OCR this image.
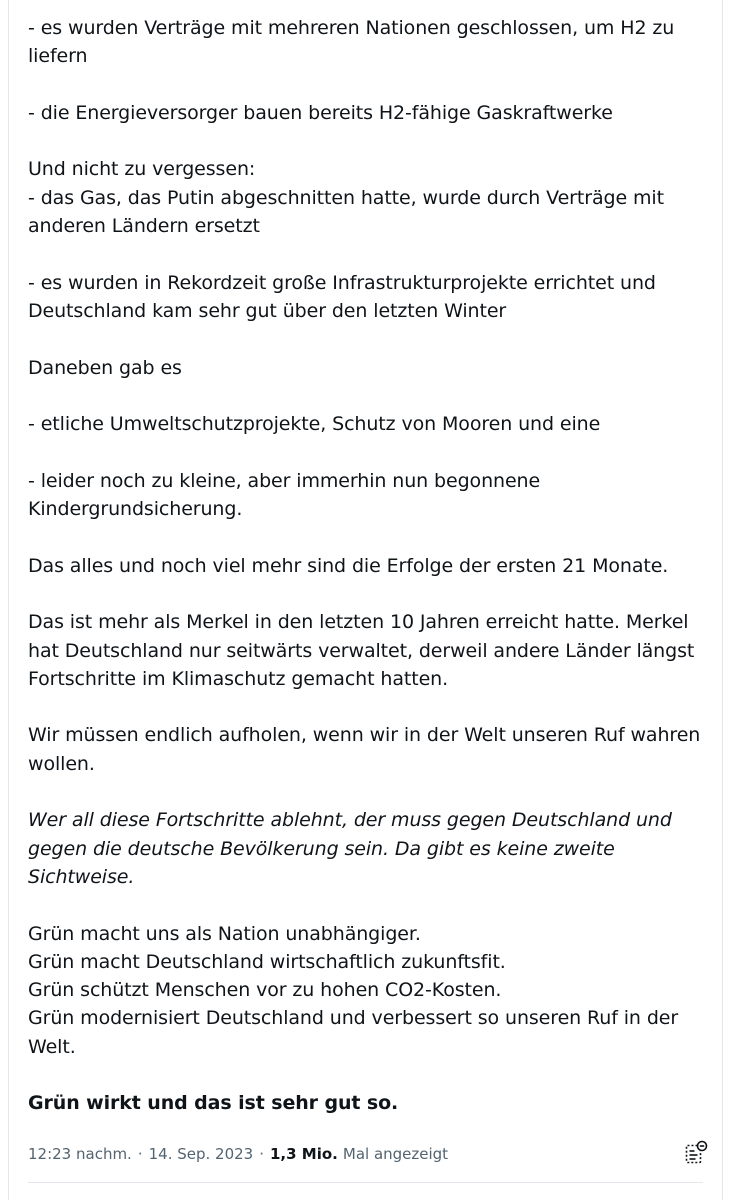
- es wurden Verträge mit mehreren Nationen geschlossen, um H2 zu
liefern

- die Energieversorger bauen bereits H2-fähige Gaskraftwerke

Und nicht zu vergessen:
- das Gas, das Putin abgeschnitten hatte, wurde durch Verträge mit
anderen Ländern ersetzt

- es wurden in Rekordzeit große Infrastrukturprojekte errichtet und
Deutschland kam sehr gut über den letzten Winter

Daneben gab es

- etliche Umweltschutzprojekte, Schutz von Mooren und eine

- leider noch zu kleine, aber immerhin nun begonnene
Kindergrundsicherung.

Das alles und noch viel mehr sind die Erfolge der ersten 21 Monate.

Das ist mehr als Merkel in den letzten 10 Jahren erreicht hatte. Merkel
hat Deutschland nur seitwärts verwaltet, derweil andere Länder längst
Fortschritte im Klimaschutz gemacht hatten.

Wir müssen endlich aufholen, wenn wir in der Welt unseren Ruf wahren
wollen.

Wer all diese Fortschritte ablehnt, der muss gegen Deutschland und
gegen die deutsche Bevölkerung sein. Da gibt es keine zweite
Sichtweise.

Grün macht uns als Nation unabhängiger.
Grün macht Deutschland wirtschaftlich zukunftsfit.
Grün schützt Menschen vor zu hohen CO2-Kosten.
Grün modernisiert Deutschland und verbessert so unseren Ruf in der
Welt.

Grün wirkt und das ist sehr gut so.

12:23 nachm. · 14. Sep. 2023 · 1,3 Mio. Mal angezeigt
